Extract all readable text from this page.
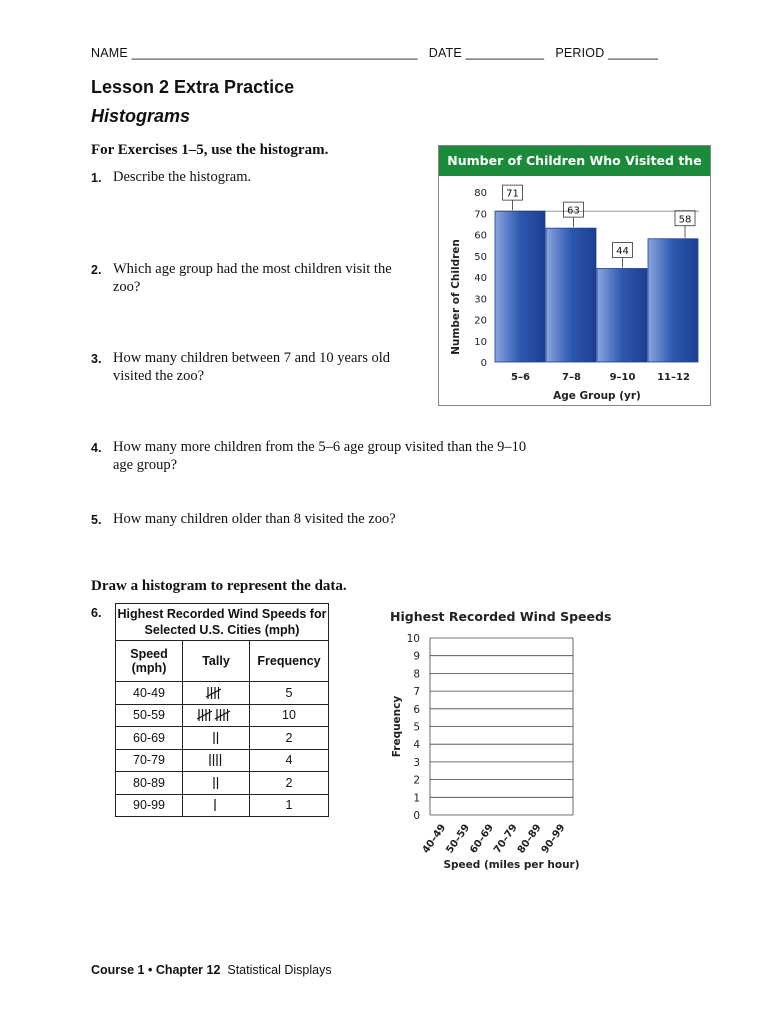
NAME ________________________________________ DATE ___________ PERIOD _______
Lesson 2 Extra Practice
Histograms
For Exercises 1–5, use the histogram.
1. Describe the histogram.
2. Which age group had the most children visit the zoo?
3. How many children between 7 and 10 years old visited the zoo?
4. How many more children from the 5–6 age group visited than the 9–10 age group?
5. How many children older than 8 visited the zoo?
Number of Children Who Visited the Zoo
0
10
20
30
40
50
60
70
80
Number of Children
5–6
71
7–8
63
9–10
44
11–12
58
Age Group (yr)
Draw a histogram to represent the data.
6. Highest Recorded Wind Speeds for Selected U.S. Cities (mph)		
Speed (mph)	Tally	Frequency
40-49		5
50-59		10
60-69		2
70-79		4
80-89		2
90-99		1
Highest Recorded Wind Speeds
0
1
2
3
4
5
6
7
8
9
10
Frequency
40–49
50–59
60–69
70–79
80–89
90–99
Speed (miles per hour)
Course 1 • Chapter 12 Statistical Displays
